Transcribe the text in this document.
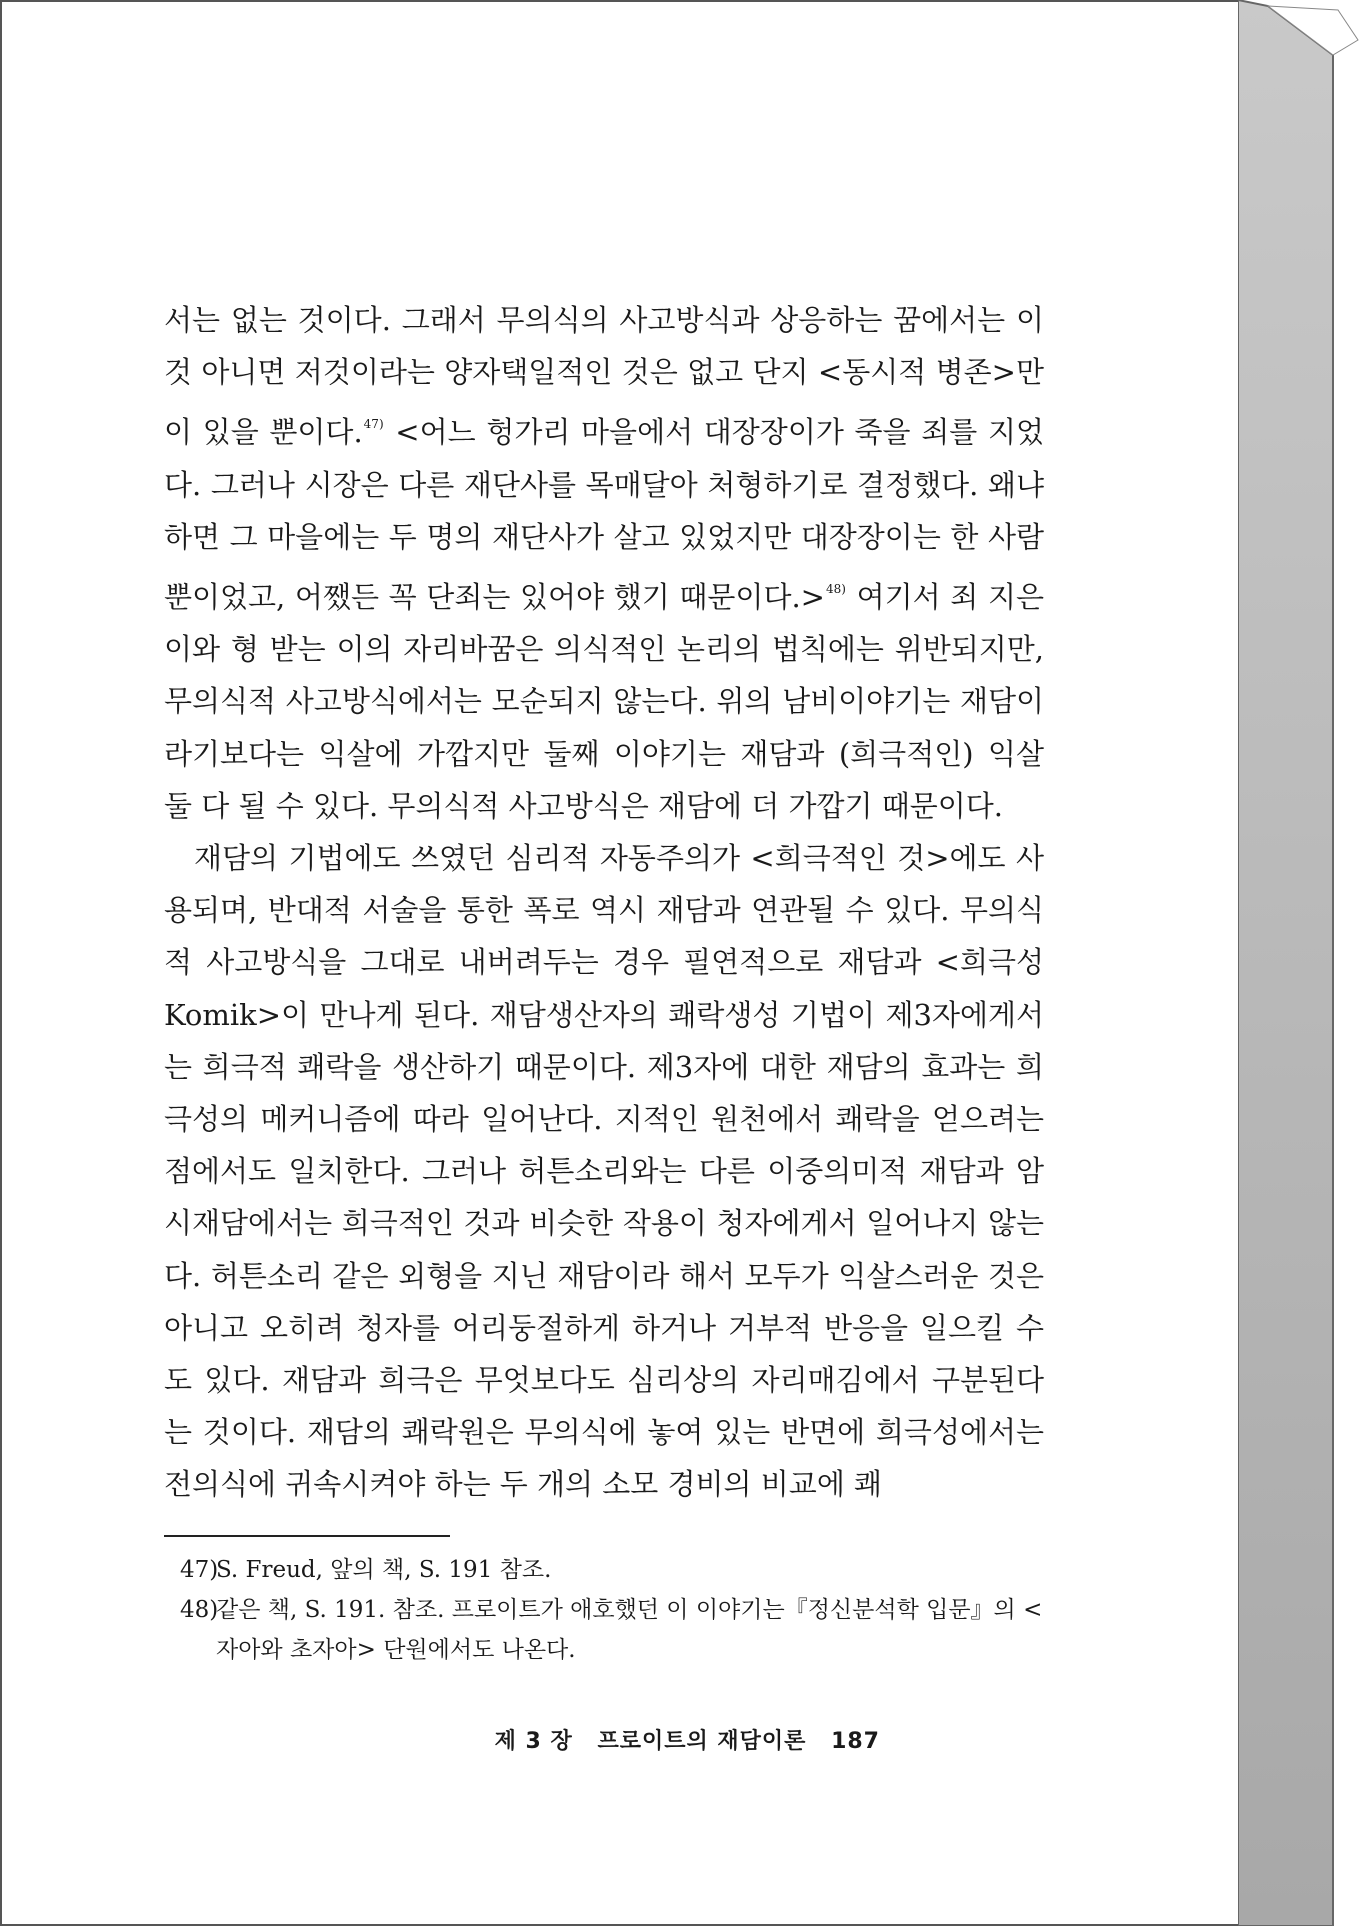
서는 없는 것이다. 그래서 무의식의 사고방식과 상응하는 꿈에서는 이것 아니면 저것이라는 양자택일적인 것은 없고 단지 <동시적 병존>만이 있을 뿐이다.$^{47)}$ <어느 헝가리 마을에서 대장장이가 죽을 죄를 지었다. 그러나 시장은 다른 재단사를 목매달아 처형하기로 결정했다. 왜냐하면 그 마을에는 두 명의 재단사가 살고 있었지만 대장장이는 한 사람뿐이었고, 어쨌든 꼭 단죄는 있어야 했기 때문이다.>$^{48)}$ 여기서 죄 지은 이와 형 받는 이의 자리바꿈은 의식적인 논리의 법칙에는 위반되지만, 무의식적 사고방식에서는 모순되지 않는다. 위의 남비이야기는 재담이라기보다는 익살에 가깝지만 둘째 이야기는 재담과 (희극적인) 익살 둘 다 될 수 있다. 무의식적 사고방식은 재담에 더 가깝기 때문이다.

재담의 기법에도 쓰였던 심리적 자동주의가 <희극적인 것>에도 사용되며, 반대적 서술을 통한 폭로 역시 재담과 연관될 수 있다. 무의식적 사고방식을 그대로 내버려두는 경우 필연적으로 재담과 <희극성 Komik>이 만나게 된다. 재담생산자의 쾌락생성 기법이 제3자에게서는 희극적 쾌락을 생산하기 때문이다. 제3자에 대한 재담의 효과는 희극성의 메커니즘에 따라 일어난다. 지적인 원천에서 쾌락을 얻으려는 점에서도 일치한다. 그러나 허튼소리와는 다른 이중의미적 재담과 암시재담에서는 희극적인 것과 비슷한 작용이 청자에게서 일어나지 않는다. 허튼소리 같은 외형을 지닌 재담이라 해서 모두가 익살스러운 것은 아니고 오히려 청자를 어리둥절하게 하거나 거부적 반응을 일으킬 수도 있다. 재담과 희극은 무엇보다도 심리상의 자리매김에서 구분된다는 것이다. 재담의 쾌락원은 무의식에 놓여 있는 반면에 희극성에서는 전의식에 귀속시켜야 하는 두 개의 소모 경비의 비교에 쾌

47)
S. Freud, 앞의 책, S. 191 참조.
48)
같은 책, S. 191. 참조. 프로이트가 애호했던 이 이야기는『정신분석학 입문』의 <자아와 초자아> 단원에서도 나온다.
제 3 장 프로이트의 재담이론 187
